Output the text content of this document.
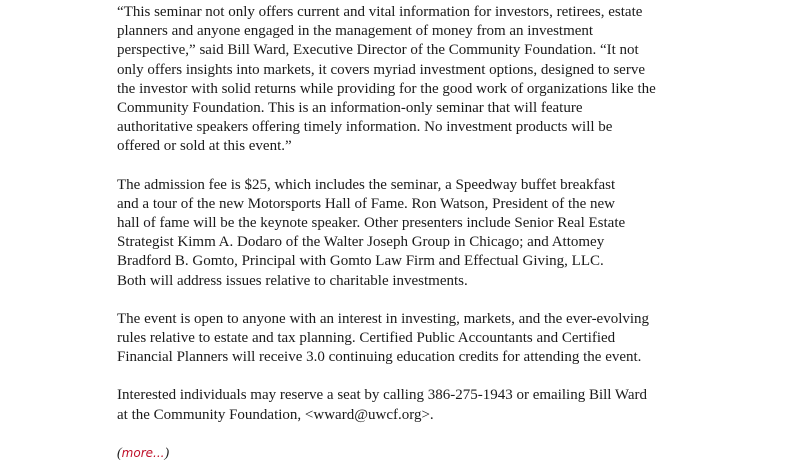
“This seminar not only offers current and vital information for investors, retirees, estate
planners and anyone engaged in the management of money from an investment
perspective,” said Bill Ward, Executive Director of the Community Foundation. “It not
only offers insights into markets, it covers myriad investment options, designed to serve
the investor with solid returns while providing for the good work of organizations like the
Community Foundation. This is an information-only seminar that will feature
authoritative speakers offering timely information. No investment products will be
offered or sold at this event.”

The admission fee is $25, which includes the seminar, a Speedway buffet breakfast
and a tour of the new Motorsports Hall of Fame. Ron Watson, President of the new
hall of fame will be the keynote speaker. Other presenters include Senior Real Estate
Strategist Kimm A. Dodaro of the Walter Joseph Group in Chicago; and Attomey
Bradford B. Gomto, Principal with Gomto Law Firm and Effectual Giving, LLC.
Both will address issues relative to charitable investments.

The event is open to anyone with an interest in investing, markets, and the ever-evolving
rules relative to estate and tax planning. Certified Public Accountants and Certified
Financial Planners will receive 3.0 continuing education credits for attending the event.

Interested individuals may reserve a seat by calling 386-275-1943 or emailing Bill Ward
at the Community Foundation, <wward@uwcf.org>.

(more...)
